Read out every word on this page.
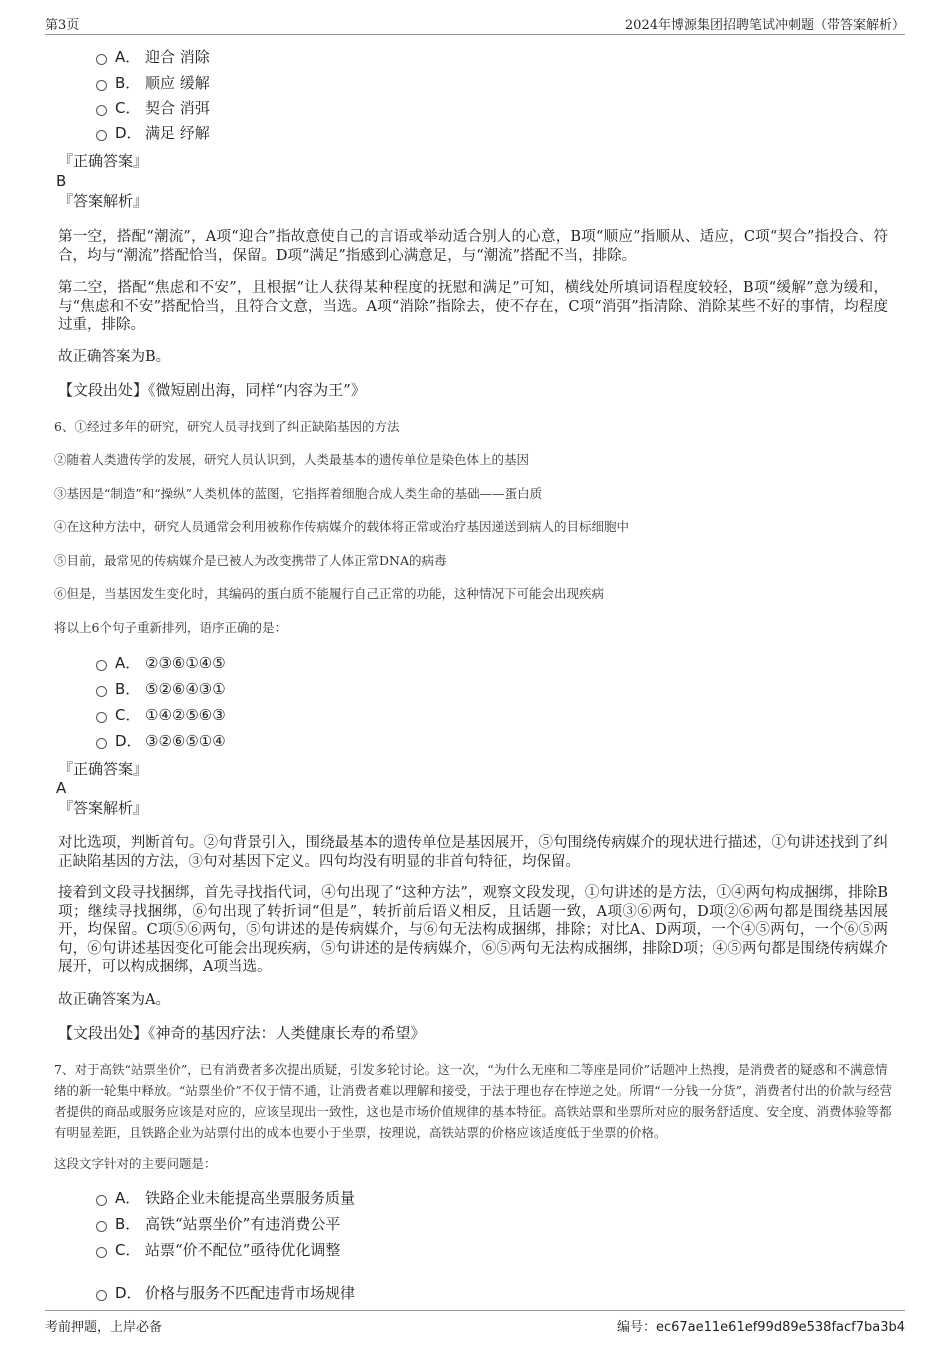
第3页	2024年博源集团招聘笔试冲刺题（带答案解析）
A． 迎合 消除
B． 顺应 缓解
C． 契合 消弭
D． 满足 纾解
『正确答案』
B
『答案解析』
第一空，搭配“潮流”，A项“迎合”指故意使自己的言语或举动适合别人的心意，B项“顺应”指顺从、适应，C项“契合”指投合、符合，均与“潮流”搭配恰当，保留。D项“满足”指感到心满意足，与“潮流”搭配不当，排除。
第二空，搭配“焦虑和不安”，且根据“让人获得某种程度的抚慰和满足”可知，横线处所填词语程度较轻，B项“缓解”意为缓和，与“焦虑和不安”搭配恰当，且符合文意，当选。A项“消除”指除去，使不存在，C项“消弭”指清除、消除某些不好的事情，均程度过重，排除。
故正确答案为B。
【文段出处】《微短剧出海，同样“内容为王”》
6、①经过多年的研究，研究人员寻找到了纠正缺陷基因的方法
②随着人类遗传学的发展，研究人员认识到，人类最基本的遗传单位是染色体上的基因
③基因是“制造”和“操纵”人类机体的蓝图，它指挥着细胞合成人类生命的基础——蛋白质
④在这种方法中，研究人员通常会利用被称作传病媒介的载体将正常或治疗基因递送到病人的目标细胞中
⑤目前，最常见的传病媒介是已被人为改变携带了人体正常DNA的病毒
⑥但是，当基因发生变化时，其编码的蛋白质不能履行自己正常的功能，这种情况下可能会出现疾病
将以上6个句子重新排列，语序正确的是：
A． ②③⑥①④⑤
B． ⑤②⑥④③①
C． ①④②⑤⑥③
D． ③②⑥⑤①④
『正确答案』
A
『答案解析』
对比选项，判断首句。②句背景引入，围绕最基本的遗传单位是基因展开，⑤句围绕传病媒介的现状进行描述，①句讲述找到了纠正缺陷基因的方法，③句对基因下定义。四句均没有明显的非首句特征，均保留。
接着到文段寻找捆绑，首先寻找指代词，④句出现了“这种方法”，观察文段发现，①句讲述的是方法，①④两句构成捆绑，排除B项；继续寻找捆绑，⑥句出现了转折词“但是”，转折前后语义相反，且话题一致，A项③⑥两句，D项②⑥两句都是围绕基因展开，均保留。C项⑤⑥两句，⑤句讲述的是传病媒介，与⑥句无法构成捆绑，排除；对比A、D两项，一个④⑤两句，一个⑥⑤两句，⑥句讲述基因变化可能会出现疾病，⑤句讲述的是传病媒介，⑥⑤两句无法构成捆绑，排除D项；④⑤两句都是围绕传病媒介展开，可以构成捆绑，A项当选。
故正确答案为A。
【文段出处】《神奇的基因疗法：人类健康长寿的希望》
7、对于高铁“站票坐价”，已有消费者多次提出质疑，引发多轮讨论。这一次，“为什么无座和二等座是同价”话题冲上热搜，是消费者的疑惑和不满意情绪的新一轮集中释放。“站票坐价”不仅于情不通，让消费者难以理解和接受，于法于理也存在悖逆之处。所谓“一分钱一分货”，消费者付出的价款与经营者提供的商品或服务应该是对应的，应该呈现出一致性，这也是市场价值规律的基本特征。高铁站票和坐票所对应的服务舒适度、安全度、消费体验等都有明显差距，且铁路企业为站票付出的成本也要小于坐票，按理说，高铁站票的价格应该适度低于坐票的价格。
这段文字针对的主要问题是：
A． 铁路企业未能提高坐票服务质量
B． 高铁“站票坐价”有违消费公平
C． 站票“价不配位”亟待优化调整
D． 价格与服务不匹配违背市场规律
考前押题，上岸必备	编号：ec67ae11e61ef99d89e538facf7ba3b4
